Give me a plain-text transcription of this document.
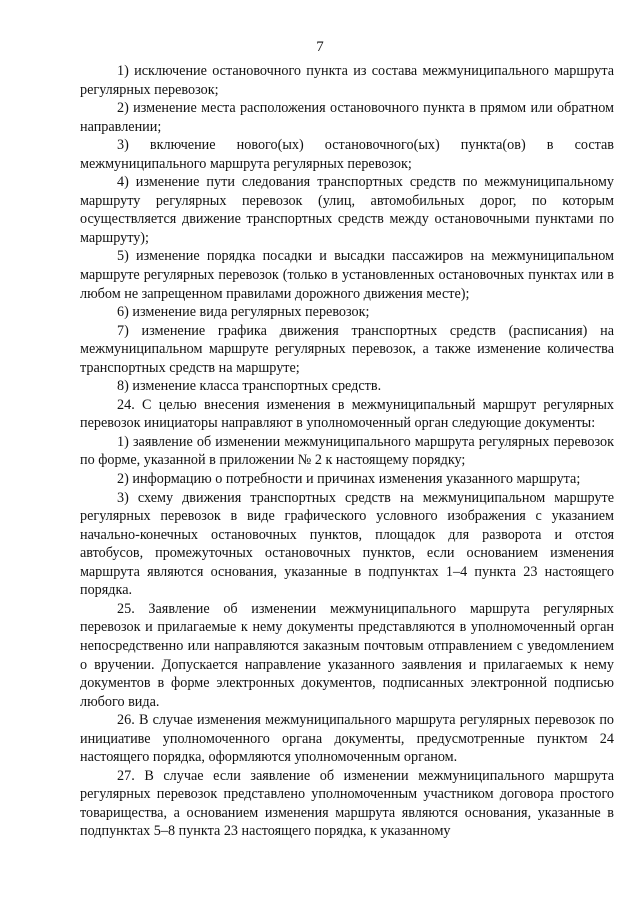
7

1) исключение остановочного пункта из состава межмуниципального маршрута регулярных перевозок;

2) изменение места расположения остановочного пункта в прямом или обратном направлении;

3) включение нового(ых) остановочного(ых) пункта(ов) в состав межмуниципального маршрута регулярных перевозок;

4) изменение пути следования транспортных средств по межмуниципальному маршруту регулярных перевозок (улиц, автомобильных дорог, по которым осуществляется движение транспортных средств между остановочными пунктами по маршруту);

5) изменение порядка посадки и высадки пассажиров на межмуниципальном маршруте регулярных перевозок (только в установленных остановочных пунктах или в любом не запрещенном правилами дорожного движения месте);

6) изменение вида регулярных перевозок;

7) изменение графика движения транспортных средств (расписания) на межмуниципальном маршруте регулярных перевозок, а также изменение количества транспортных средств на маршруте;

8) изменение класса транспортных средств.

24. С целью внесения изменения в межмуниципальный маршрут регулярных перевозок инициаторы направляют в уполномоченный орган следующие документы:

1) заявление об изменении межмуниципального маршрута регулярных перевозок по форме, указанной в приложении № 2 к настоящему порядку;

2) информацию о потребности и причинах изменения указанного маршрута;

3) схему движения транспортных средств на межмуниципальном маршруте регулярных перевозок в виде графического условного изображения с указанием начально-конечных остановочных пунктов, площадок для разворота и отстоя автобусов, промежуточных остановочных пунктов, если основанием изменения маршрута являются основания, указанные в подпунктах 1–4 пункта 23 настоящего порядка.

25. Заявление об изменении межмуниципального маршрута регулярных перевозок и прилагаемые к нему документы представляются в уполномоченный орган непосредственно или направляются заказным почтовым отправлением с уведомлением о вручении. Допускается направление указанного заявления и прилагаемых к нему документов в форме электронных документов, подписанных электронной подписью любого вида.

26. В случае изменения межмуниципального маршрута регулярных перевозок по инициативе уполномоченного органа документы, предусмотренные пунктом 24 настоящего порядка, оформляются уполномоченным органом.

27. В случае если заявление об изменении межмуниципального маршрута регулярных перевозок представлено уполномоченным участником договора простого товарищества, а основанием изменения маршрута являются основания, указанные в подпунктах 5–8 пункта 23 настоящего порядка, к указанному
